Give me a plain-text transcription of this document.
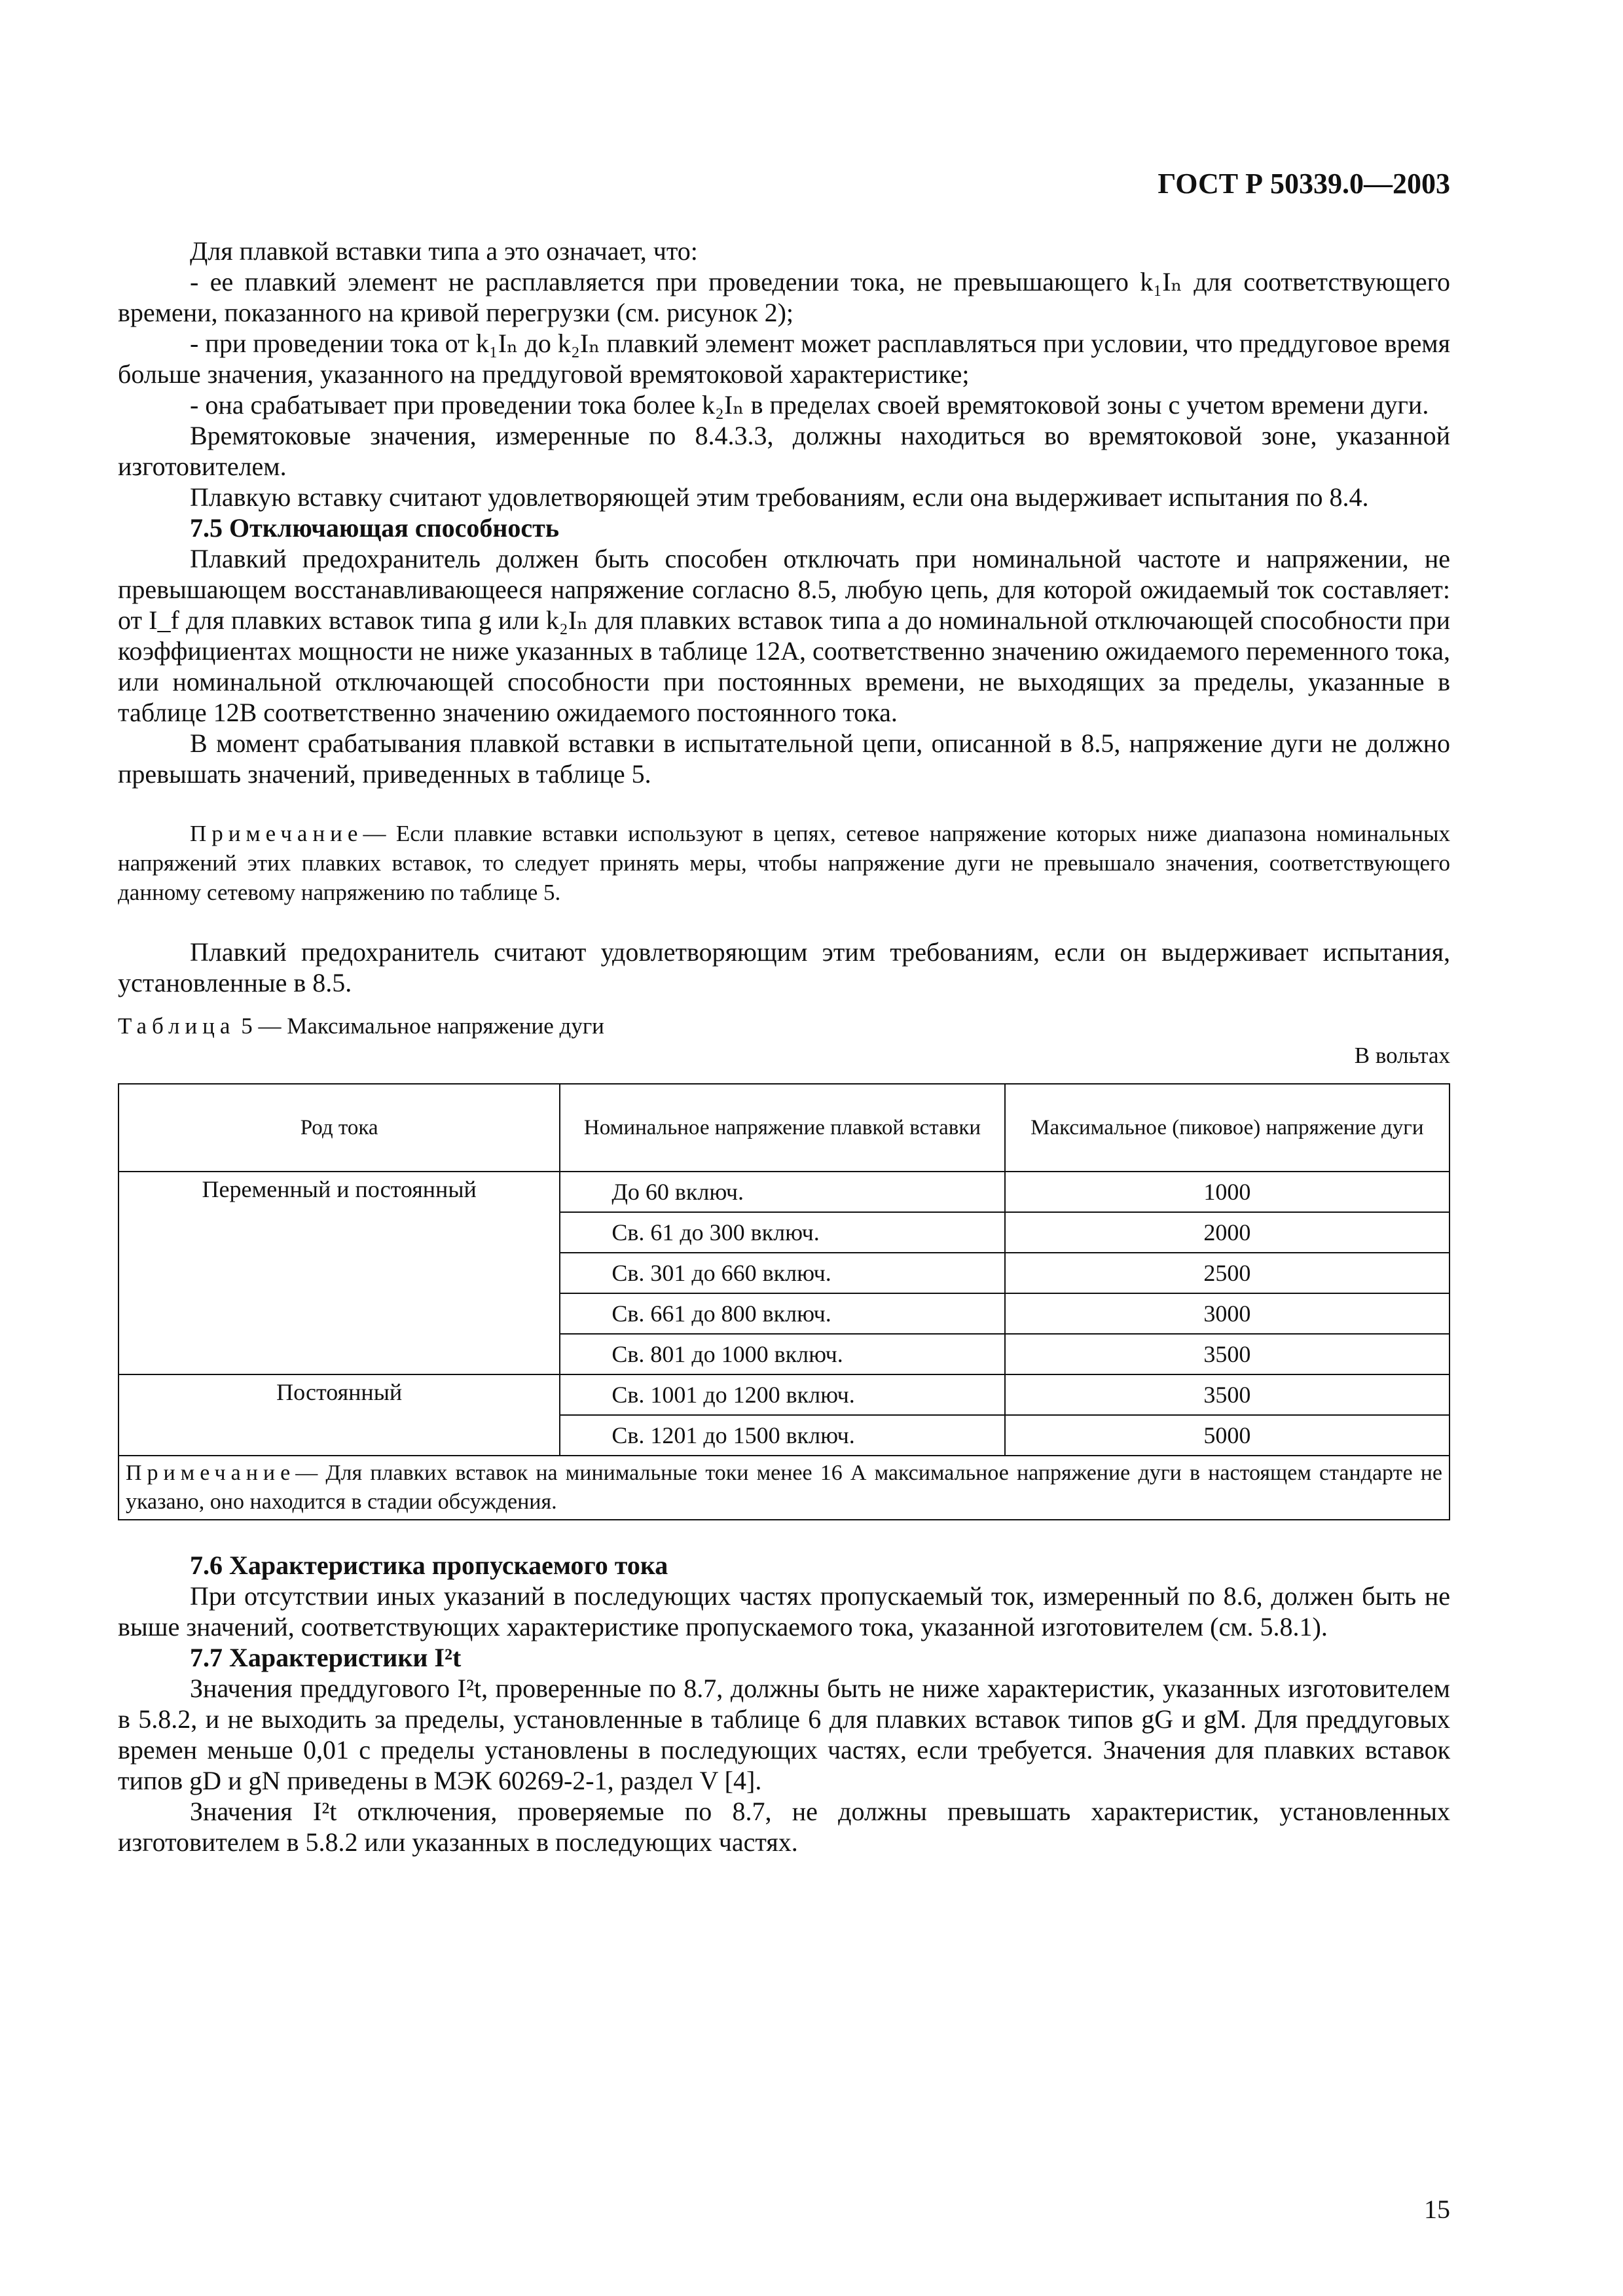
ГОСТ Р 50339.0—2003

Для плавкой вставки типа a это означает, что:

- ее плавкий элемент не расплавляется при проведении тока, не превышающего k₁Iₙ для соответствующего времени, показанного на кривой перегрузки (см. рисунок 2);

- при проведении тока от k₁Iₙ до k₂Iₙ плавкий элемент может расплавляться при условии, что преддуговое время больше значения, указанного на преддуговой времятоковой характеристике;

- она срабатывает при проведении тока более k₂Iₙ в пределах своей времятоковой зоны с учетом времени дуги.

Времятоковые значения, измеренные по 8.4.3.3, должны находиться во времятоковой зоне, указанной изготовителем.

Плавкую вставку считают удовлетворяющей этим требованиям, если она выдерживает испытания по 8.4.

7.5 Отключающая способность

Плавкий предохранитель должен быть способен отключать при номинальной частоте и напряжении, не превышающем восстанавливающееся напряжение согласно 8.5, любую цепь, для которой ожидаемый ток составляет: от I_f для плавких вставок типа g или k₂Iₙ для плавких вставок типа a до номинальной отключающей способности при коэффициентах мощности не ниже указанных в таблице 12А, соответственно значению ожидаемого переменного тока, или номинальной отключающей способности при постоянных времени, не выходящих за пределы, указанные в таблице 12В соответственно значению ожидаемого постоянного тока.

В момент срабатывания плавкой вставки в испытательной цепи, описанной в 8.5, напряжение дуги не должно превышать значений, приведенных в таблице 5.

Примечание— Если плавкие вставки используют в цепях, сетевое напряжение которых ниже диапазона номинальных напряжений этих плавких вставок, то следует принять меры, чтобы напряжение дуги не превышало значения, соответствующего данному сетевому напряжению по таблице 5.

Плавкий предохранитель считают удовлетворяющим этим требованиям, если он выдерживает испытания, установленные в 8.5.

Таблица 5 — Максимальное напряжение дуги

В вольтах

Род тока	Номинальное напряжение плавкой вставки	Максимальное (пиковое) напряжение дуги
Переменный и постоянный	До 60 включ.	1000
	Св. 61 до 300 включ.	2000
	Св. 301 до 660 включ.	2500
	Св. 661 до 800 включ.	3000
	Св. 801 до 1000 включ.	3500
Постоянный	Св. 1001 до 1200 включ.	3500
	Св. 1201 до 1500 включ.	5000
Примечание— Для плавких вставок на минимальные токи менее 16 А максимальное напряжение дуги в настоящем стандарте не указано, оно находится в стадии обсуждения.		

7.6 Характеристика пропускаемого тока

При отсутствии иных указаний в последующих частях пропускаемый ток, измеренный по 8.6, должен быть не выше значений, соответствующих характеристике пропускаемого тока, указанной изготовителем (см. 5.8.1).

7.7 Характеристики I²t

Значения преддугового I²t, проверенные по 8.7, должны быть не ниже характеристик, указанных изготовителем в 5.8.2, и не выходить за пределы, установленные в таблице 6 для плавких вставок типов gG и gM. Для преддуговых времен меньше 0,01 с пределы установлены в последующих частях, если требуется. Значения для плавких вставок типов gD и gN приведены в МЭК 60269-2-1, раздел V [4].

Значения I²t отключения, проверяемые по 8.7, не должны превышать характеристик, установленных изготовителем в 5.8.2 или указанных в последующих частях.

15
